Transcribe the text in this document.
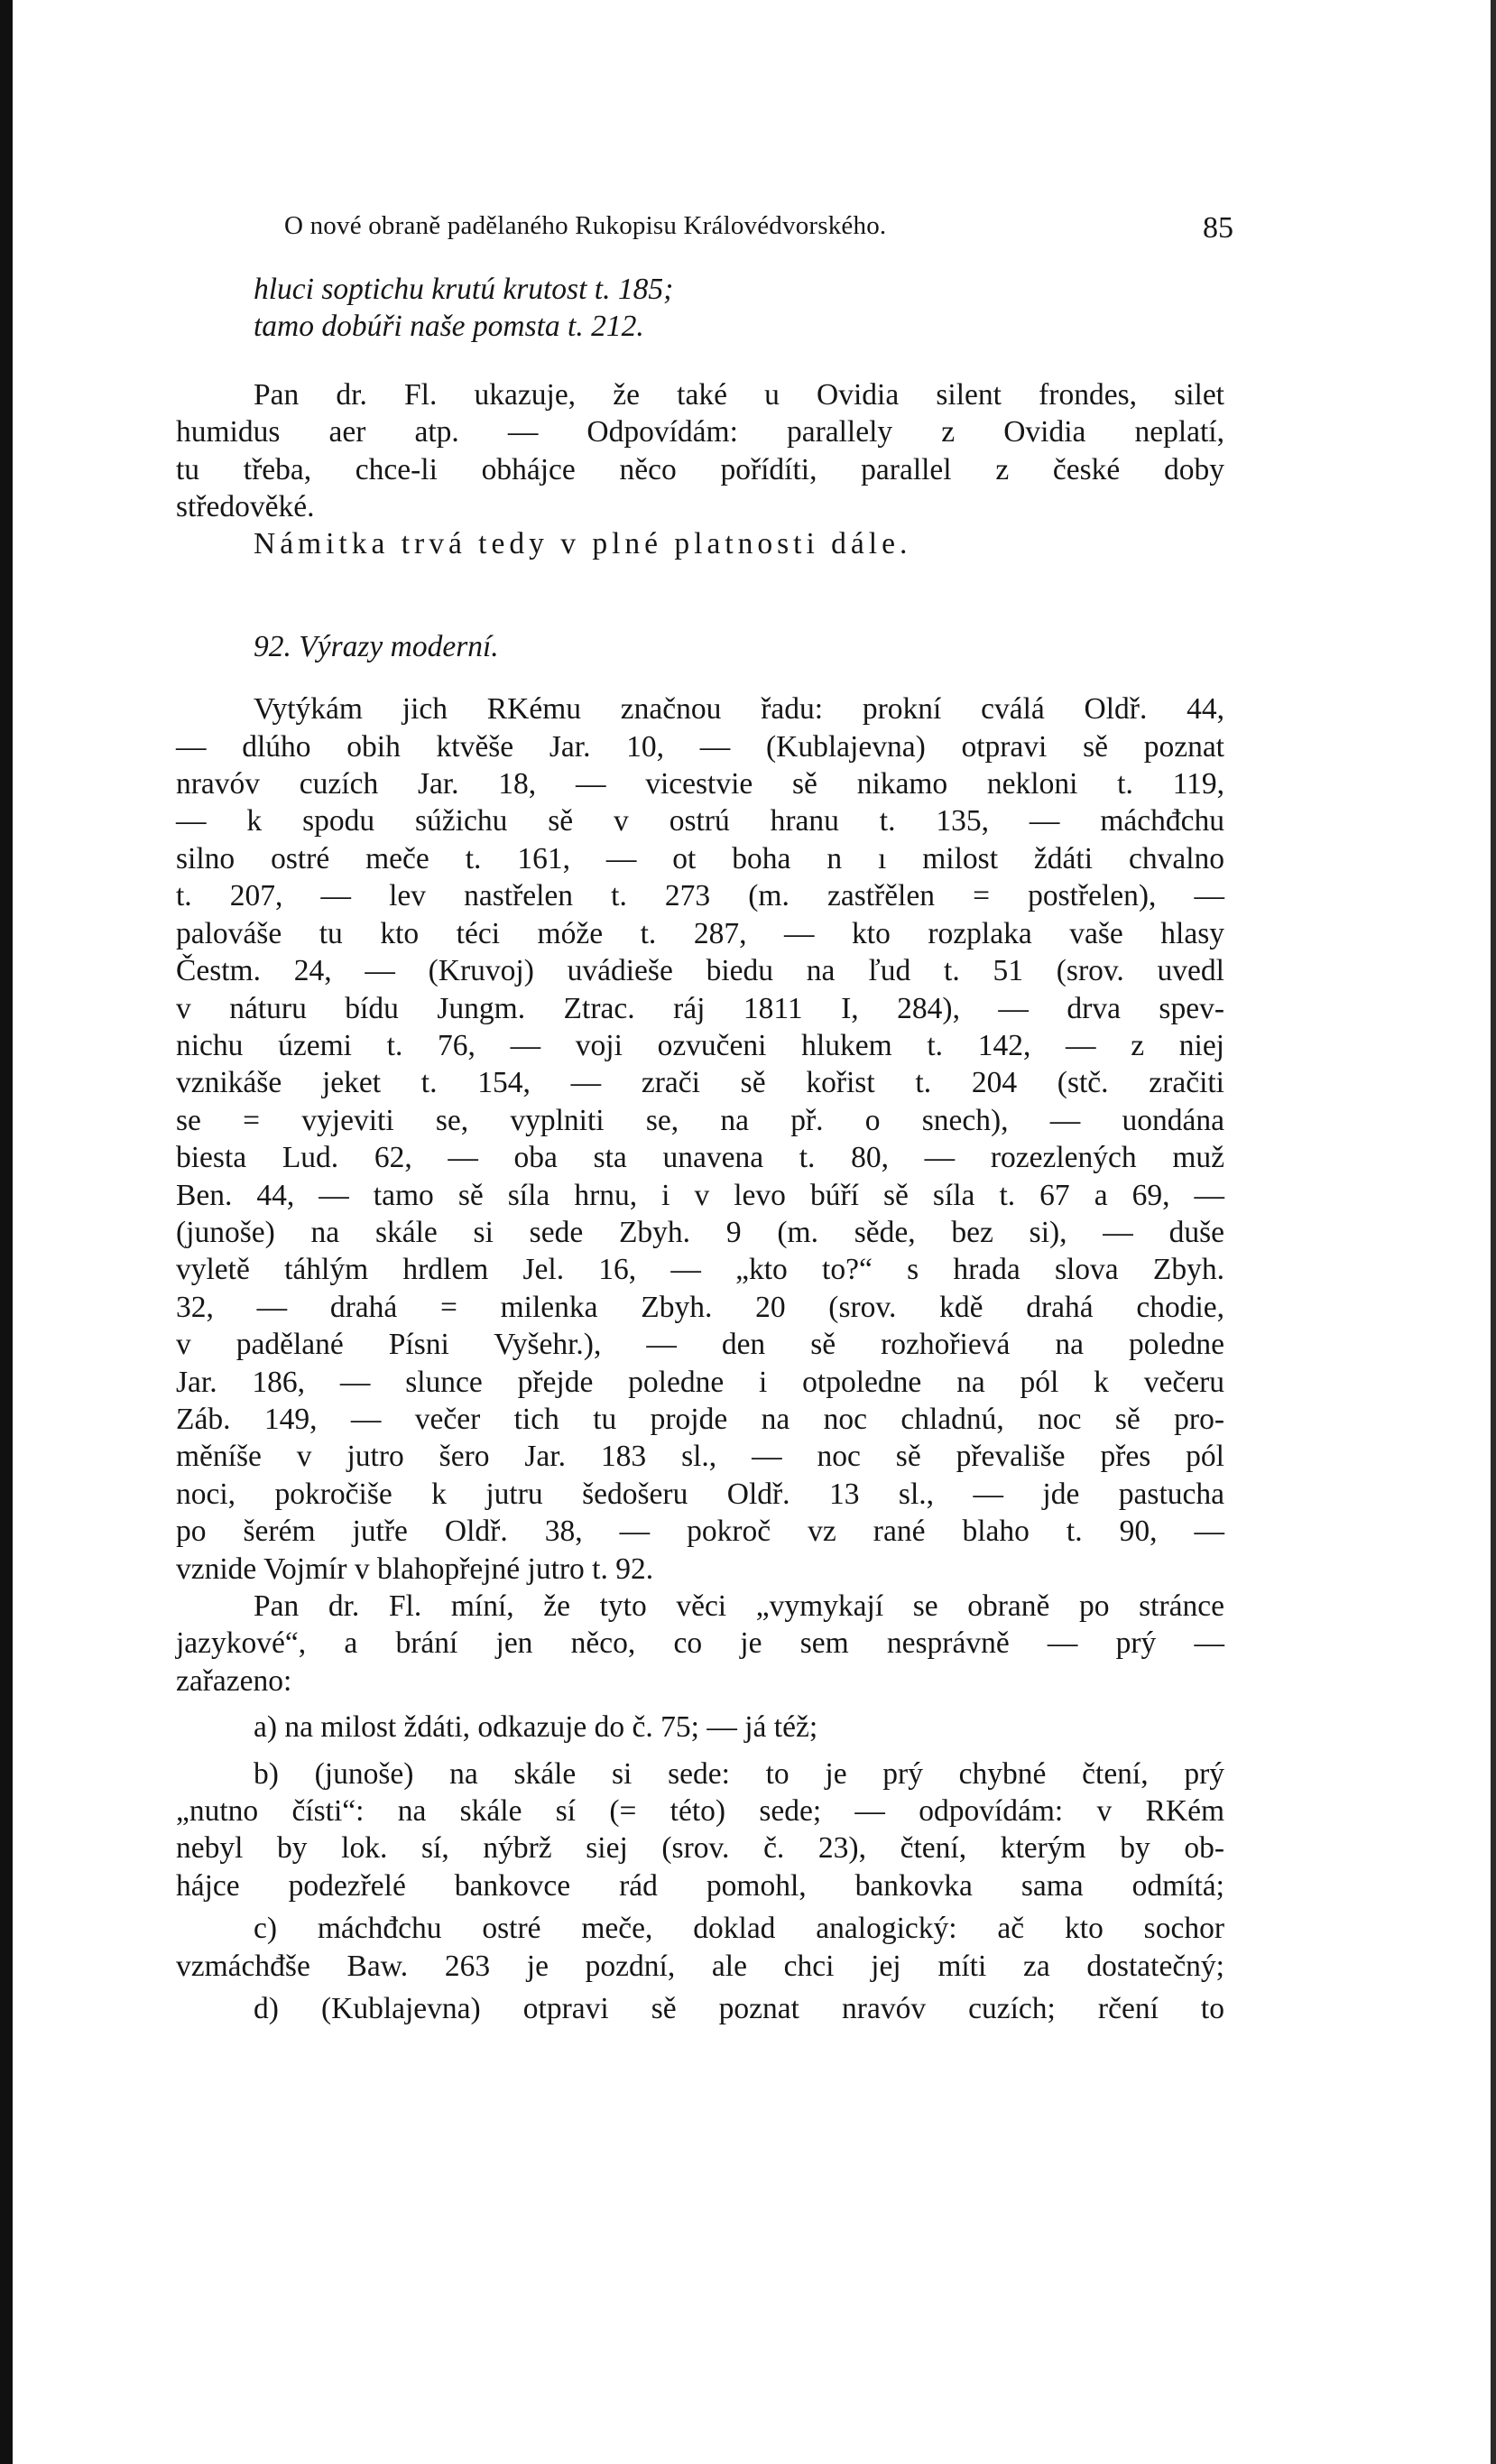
O nové obraně padělaného Rukopisu Královédvorského.	85
hluci soptichu krutú krutost t. 185;
tamo dobúři naše pomsta t. 212.
Pan dr. Fl. ukazuje, že také u Ovidia silent frondes, silet
humidus aer atp. — Odpovídám: parallely z Ovidia neplatí,
tu třeba, chce-li obhájce něco pořídíti, parallel z české doby
středověké.
Námitka trvá tedy v plné platnosti dále.
92. Výrazy moderní.
Vytýkám jich RKému značnou řadu: prokní cválá Oldř. 44,
— dlúho obih ktvěše Jar. 10, — (Kublajevna) otpravi sě poznat
nravóv cuzích Jar. 18, — vicestvie sě nikamo nekloni t. 119,
— k spodu súžichu sě v ostrú hranu t. 135, — máchđchu
silno ostré meče t. 161, — ot boha n ı milost ždáti chvalno
t. 207, — lev nastřelen t. 273 (m. zastřělen = postřelen), —
palováše tu kto téci móže t. 287, — kto rozplaka vaše hlasy
Čestm. 24, — (Kruvoj) uvádieše biedu na ľud t. 51 (srov. uvedl
v náturu bídu Jungm. Ztrac. ráj 1811 I, 284), — drva spev-
nichu územi t. 76, — voji ozvučeni hlukem t. 142, — z niej
vznikáše jeket t. 154, — zrači sě kořist t. 204 (stč. zračiti
se = vyjeviti se, vyplniti se, na př. o snech), — uondána
biesta Lud. 62, — oba sta unavena t. 80, — rozezlených muž
Ben. 44, — tamo sě síla hrnu, i v levo búří sě síla t. 67 a 69, —
(junoše) na skále si sede Zbyh. 9 (m. sěde, bez si), — duše
vyletě táhlým hrdlem Jel. 16, — „kto to?“ s hrada slova Zbyh.
32, — drahá = milenka Zbyh. 20 (srov. kdě drahá chodie,
v padělané Písni Vyšehr.), — den sě rozhořievá na poledne
Jar. 186, — slunce přejde poledne i otpoledne na pól k večeru
Záb. 149, — večer tich tu projde na noc chladnú, noc sě pro-
měníše v jutro šero Jar. 183 sl., — noc sě převališe přes pól
noci, pokročiše k jutru šedošeru Oldř. 13 sl., — jde pastucha
po šerém jutře Oldř. 38, — pokroč vz rané blaho t. 90, —
vznide Vojmír v blahopřejné jutro t. 92.
Pan dr. Fl. míní, že tyto věci „vymykají se obraně po stránce
jazykové“, a brání jen něco, co je sem nesprávně — prý —
zařazeno:
a) na milost ždáti, odkazuje do č. 75; — já též;
b) (junoše) na skále si sede: to je prý chybné čtení, prý
„nutno čísti“: na skále sí (= této) sede; — odpovídám: v RKém
nebyl by lok. sí, nýbrž siej (srov. č. 23), čtení, kterým by ob-
hájce podezřelé bankovce rád pomohl, bankovka sama odmítá;
c) máchđchu ostré meče, doklad analogický: ač kto sochor
vzmáchđše Baw. 263 je pozdní, ale chci jej míti za dostatečný;
d) (Kublajevna) otpravi sě poznat nravóv cuzích; rčení to
